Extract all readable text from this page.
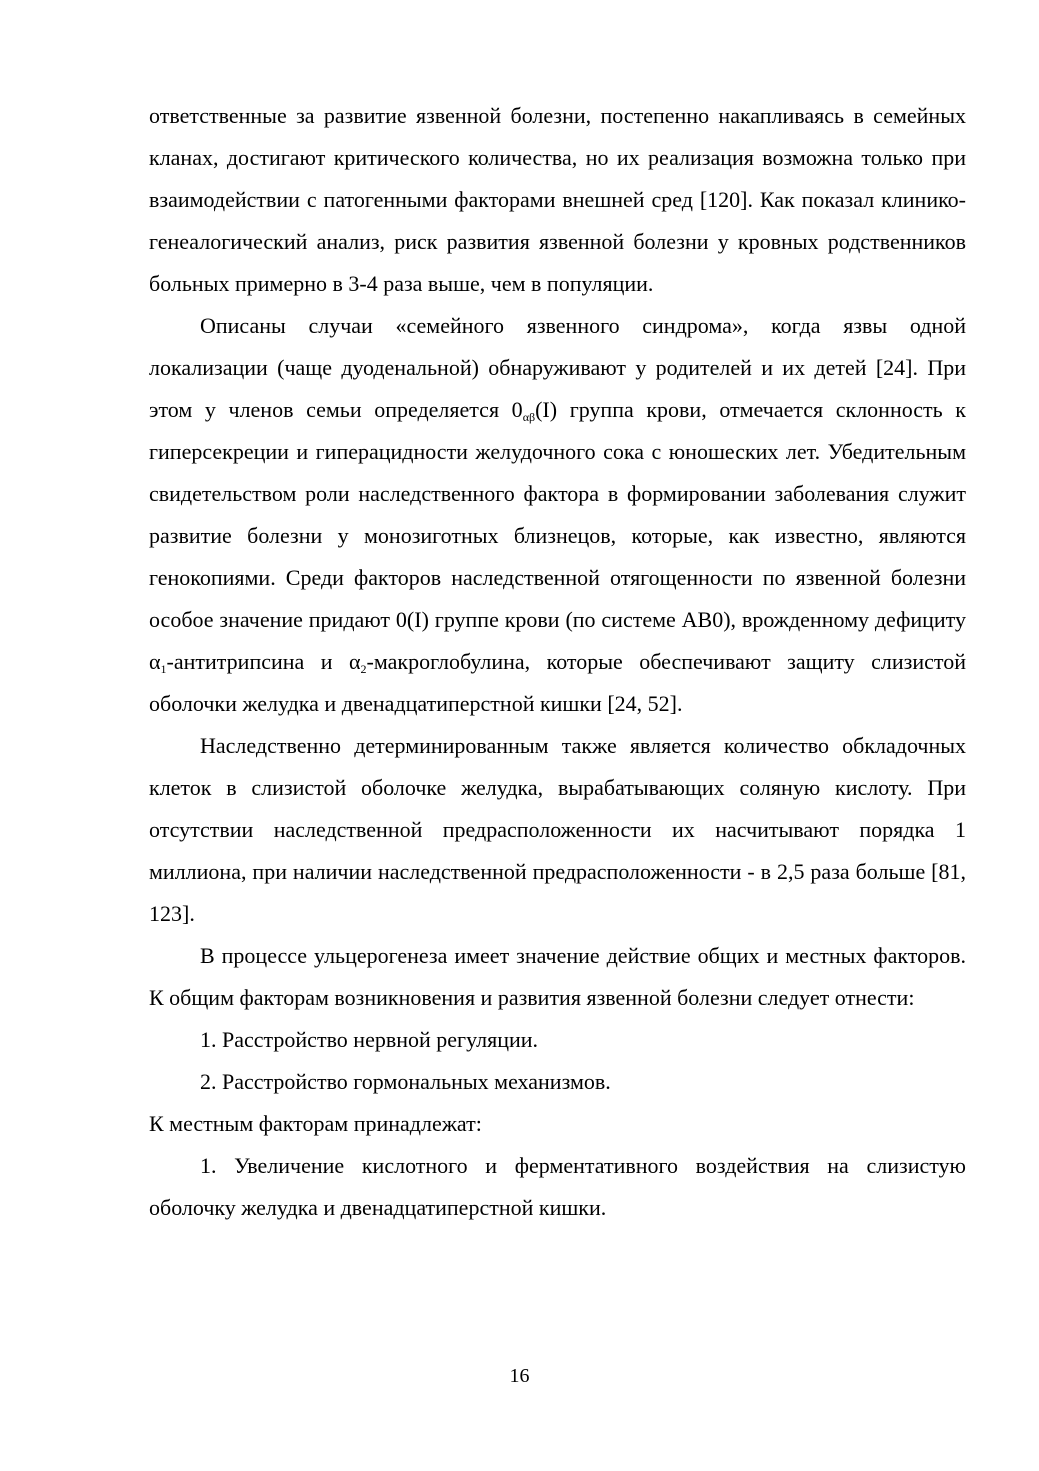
ответственные за развитие язвенной болезни, постепенно накапливаясь в семейных кланах, достигают критического количества, но их реализация возможна только при взаимодействии с патогенными факторами внешней сред [120]. Как показал клинико-генеалогический анализ, риск развития язвенной болезни у кровных родственников больных примерно в 3-4 раза выше, чем в популяции.

Описаны случаи «семейного язвенного синдрома», когда язвы одной локализации (чаще дуоденальной) обнаруживают у родителей и их детей [24]. При этом у членов семьи определяется $0_{\alpha\beta}(I)$ группа крови, отмечается склонность к гиперсекреции и гиперацидности желудочного сока с юношеских лет. Убедительным свидетельством роли наследственного фактора в формировании заболевания служит развитие болезни у монозиготных близнецов, которые, как известно, являются генокопиями. Среди факторов наследственной отягощенности по язвенной болезни особое значение придают 0(I) группе крови (по системе АВ0), врожденному дефициту $\alpha_1$-антитрипсина и $\alpha_2$-макроглобулина, которые обеспечивают защиту слизистой оболочки желудка и двенадцатиперстной кишки [24, 52].

Наследственно детерминированным также является количество обкладочных клеток в слизистой оболочке желудка, вырабатывающих соляную кислоту. При отсутствии наследственной предрасположенности их насчитывают порядка 1 миллиона, при наличии наследственной предрасположенности - в 2,5 раза больше [81, 123].

В процессе ульцерогенеза имеет значение действие общих и местных факторов. К общим факторам возникновения и развития язвенной болезни следует отнести:

1. Расстройство нервной регуляции.

2. Расстройство гормональных механизмов.

К местным факторам принадлежат:

1. Увеличение кислотного и ферментативного воздействия на слизистую оболочку желудка и двенадцатиперстной кишки.

16
